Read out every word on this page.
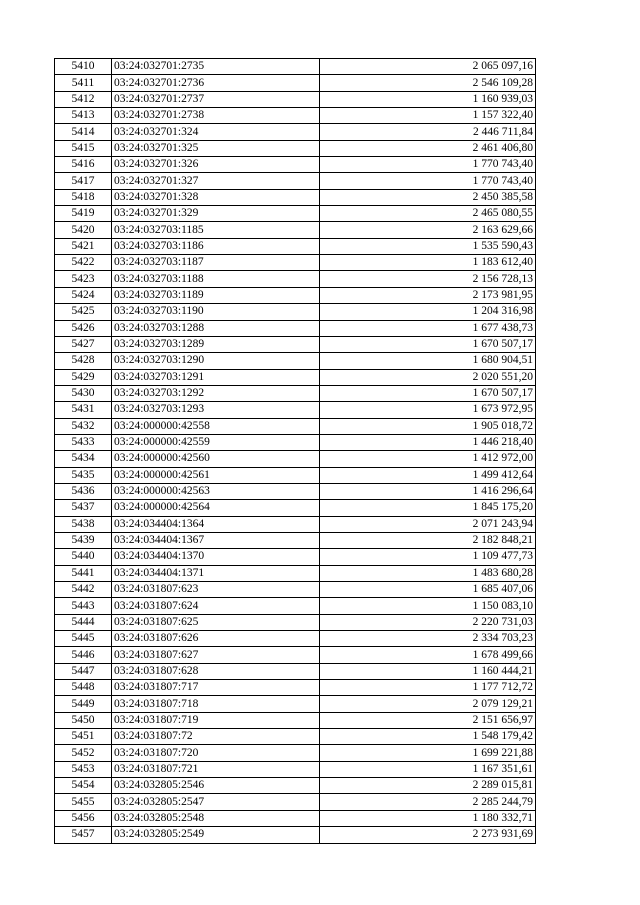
5410	03:24:032701:2735	2 065 097,16
5411	03:24:032701:2736	2 546 109,28
5412	03:24:032701:2737	1 160 939,03
5413	03:24:032701:2738	1 157 322,40
5414	03:24:032701:324	2 446 711,84
5415	03:24:032701:325	2 461 406,80
5416	03:24:032701:326	1 770 743,40
5417	03:24:032701:327	1 770 743,40
5418	03:24:032701:328	2 450 385,58
5419	03:24:032701:329	2 465 080,55
5420	03:24:032703:1185	2 163 629,66
5421	03:24:032703:1186	1 535 590,43
5422	03:24:032703:1187	1 183 612,40
5423	03:24:032703:1188	2 156 728,13
5424	03:24:032703:1189	2 173 981,95
5425	03:24:032703:1190	1 204 316,98
5426	03:24:032703:1288	1 677 438,73
5427	03:24:032703:1289	1 670 507,17
5428	03:24:032703:1290	1 680 904,51
5429	03:24:032703:1291	2 020 551,20
5430	03:24:032703:1292	1 670 507,17
5431	03:24:032703:1293	1 673 972,95
5432	03:24:000000:42558	1 905 018,72
5433	03:24:000000:42559	1 446 218,40
5434	03:24:000000:42560	1 412 972,00
5435	03:24:000000:42561	1 499 412,64
5436	03:24:000000:42563	1 416 296,64
5437	03:24:000000:42564	1 845 175,20
5438	03:24:034404:1364	2 071 243,94
5439	03:24:034404:1367	2 182 848,21
5440	03:24:034404:1370	1 109 477,73
5441	03:24:034404:1371	1 483 680,28
5442	03:24:031807:623	1 685 407,06
5443	03:24:031807:624	1 150 083,10
5444	03:24:031807:625	2 220 731,03
5445	03:24:031807:626	2 334 703,23
5446	03:24:031807:627	1 678 499,66
5447	03:24:031807:628	1 160 444,21
5448	03:24:031807:717	1 177 712,72
5449	03:24:031807:718	2 079 129,21
5450	03:24:031807:719	2 151 656,97
5451	03:24:031807:72	1 548 179,42
5452	03:24:031807:720	1 699 221,88
5453	03:24:031807:721	1 167 351,61
5454	03:24:032805:2546	2 289 015,81
5455	03:24:032805:2547	2 285 244,79
5456	03:24:032805:2548	1 180 332,71
5457	03:24:032805:2549	2 273 931,69
